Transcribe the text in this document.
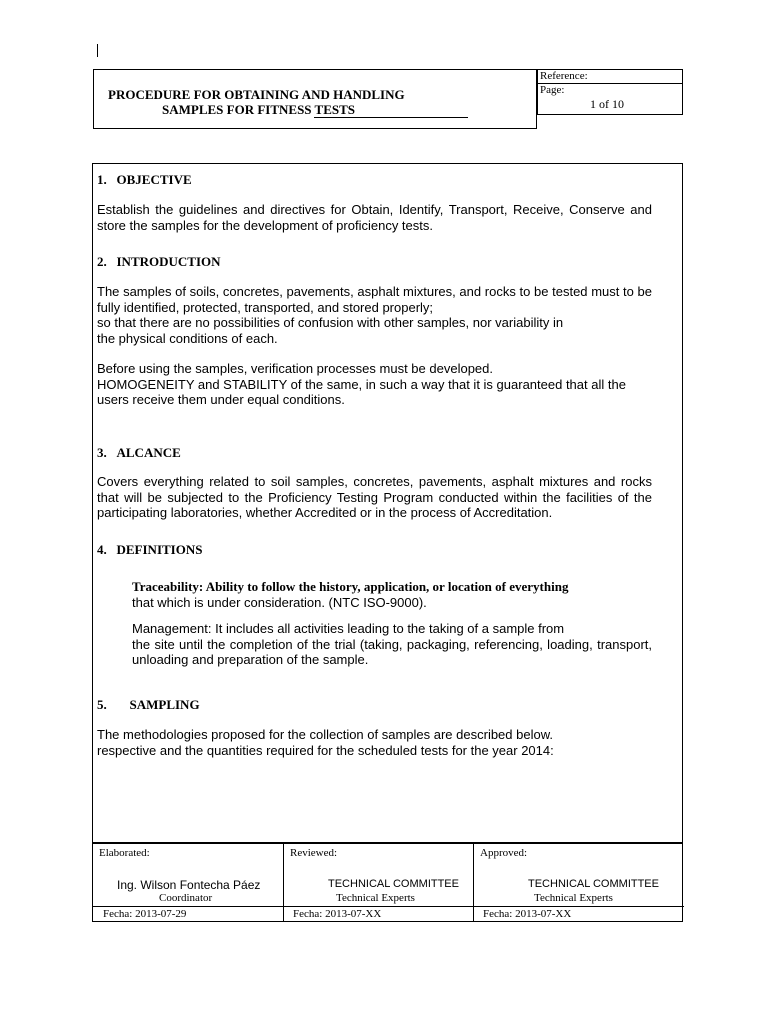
PROCEDURE FOR OBTAINING AND HANDLING
SAMPLES FOR FITNESS TESTS
Reference:
Page:
1 of 10
1. OBJECTIVE
Establish the guidelines and directives for Obtain, Identify, Transport, Receive, Conserve and store the samples for the development of proficiency tests.
2. INTRODUCTION

The samples of soils, concretes, pavements, asphalt mixtures, and rocks to be tested must to be fully identified, protected, transported, and stored properly;

so that there are no possibilities of confusion with other samples, nor variability in

the physical conditions of each.

Before using the samples, verification processes must be developed.

HOMOGENEITY and STABILITY of the same, in such a way that it is guaranteed that all the users receive them under equal conditions.

3. ALCANCE
Covers everything related to soil samples, concretes, pavements, asphalt mixtures and rocks that will be subjected to the Proficiency Testing Program conducted within the facilities of the participating laboratories, whether Accredited or in the process of Accreditation.
4. DEFINITIONS
Traceability: Ability to follow the history, application, or location of everything
that which is under consideration. (NTC ISO-9000).
Management: It includes all activities leading to the taking of a sample from
the site until the completion of the trial (taking, packaging, referencing, loading, transport, unloading and preparation of the sample.
5. SAMPLING

The methodologies proposed for the collection of samples are described below.

respective and the quantities required for the scheduled tests for the year 2014:

Elaborated:
Ing. Wilson Fontecha Páez
Coordinator
Reviewed:
TECHNICAL COMMITTEE
Technical Experts
Approved:
TECHNICAL COMMITTEE
Technical Experts
Fecha: 2013-07-29	Fecha: 2013-07-XX	Fecha: 2013-07-XX
